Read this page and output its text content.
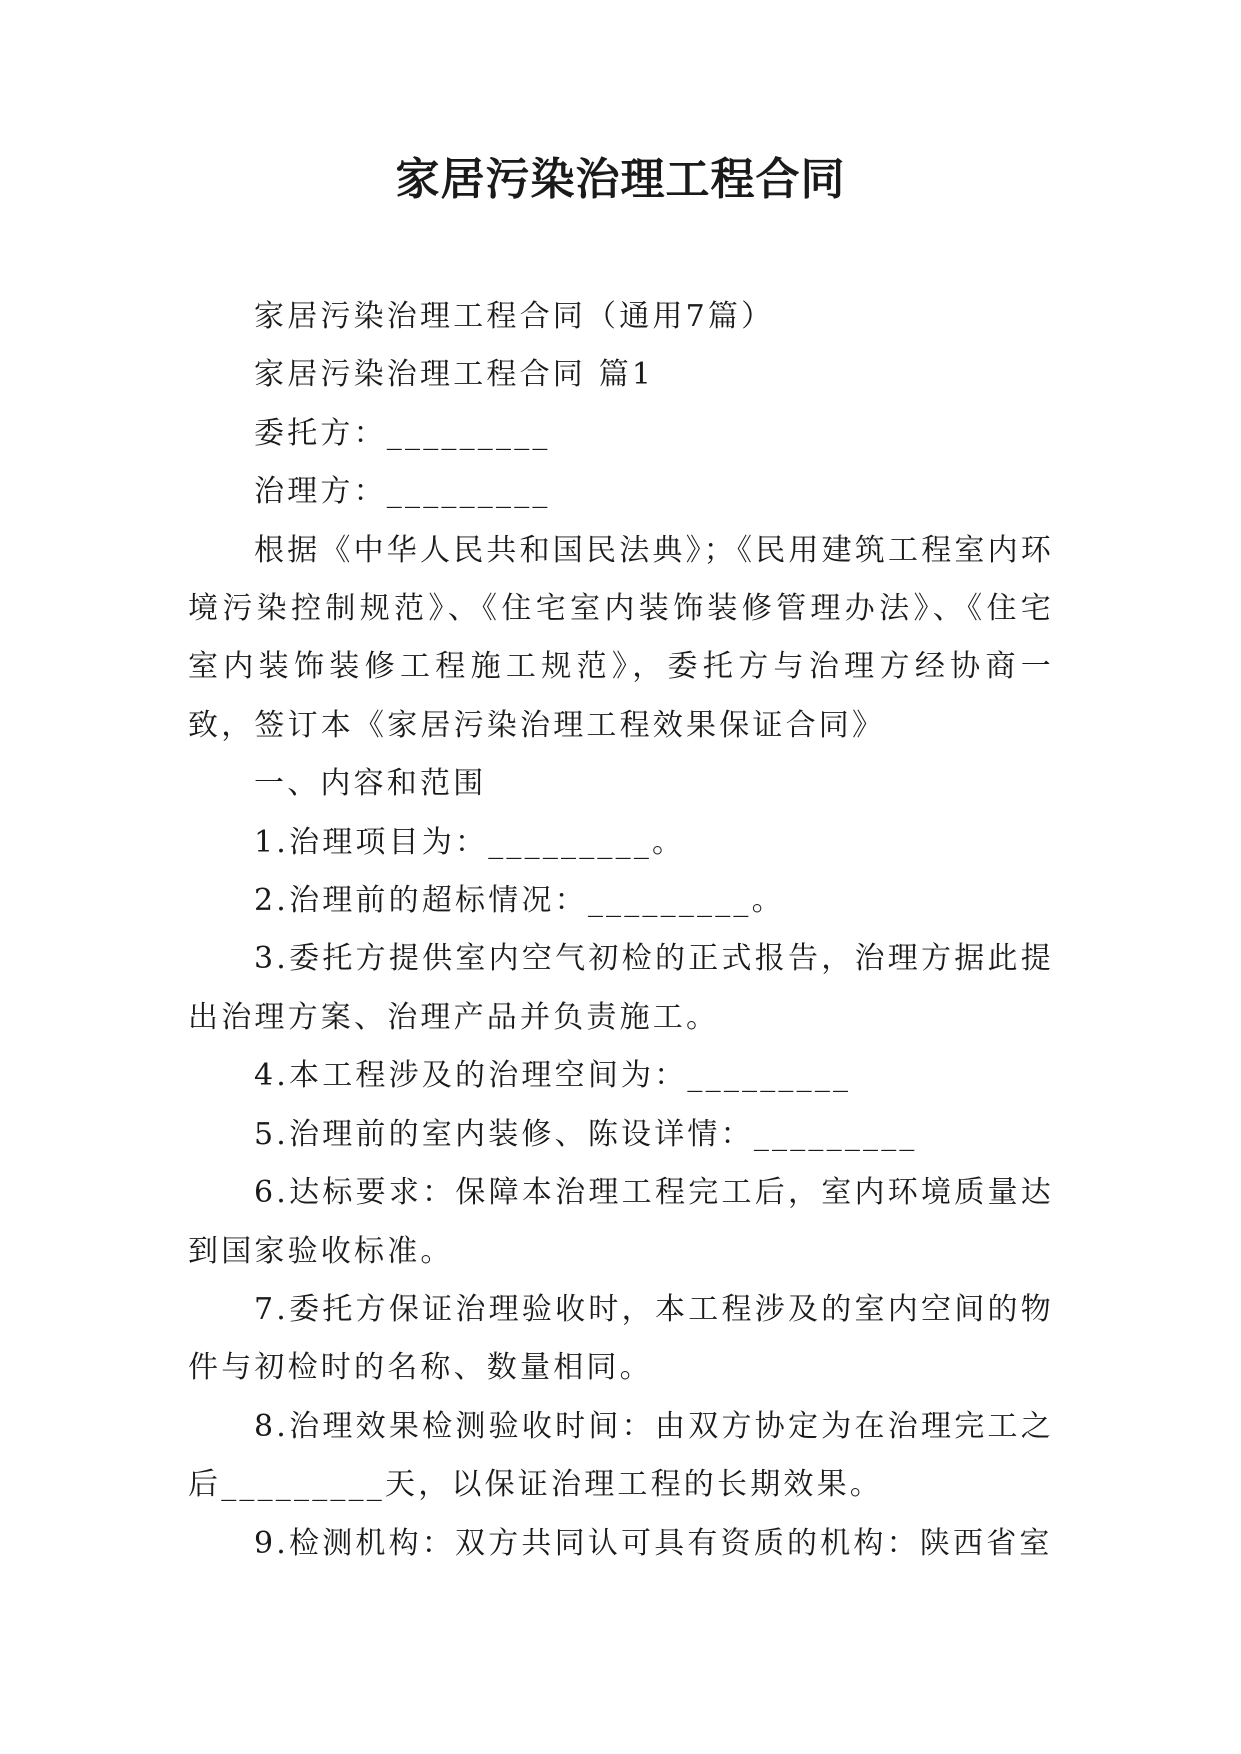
家居污染治理工程合同

家居污染治理工程合同（通用7篇）

家居污染治理工程合同 篇1

委托方：_________

治理方：_________

根据《中华人民共和国民法典》；《民用建筑工程室内环境污染控制规范》、《住宅室内装饰装修管理办法》、《住宅室内装饰装修工程施工规范》，委托方与治理方经协商一致，签订本《家居污染治理工程效果保证合同》

一、内容和范围

1.治理项目为：_________。

2.治理前的超标情况：_________。

3.委托方提供室内空气初检的正式报告，治理方据此提出治理方案、治理产品并负责施工。

4.本工程涉及的治理空间为：_________

5.治理前的室内装修、陈设详情：_________

6.达标要求：保障本治理工程完工后，室内环境质量达到国家验收标准。

7.委托方保证治理验收时，本工程涉及的室内空间的物件与初检时的名称、数量相同。

8.治理效果检测验收时间：由双方协定为在治理完工之后_________天，以保证治理工程的长期效果。

9.检测机构：双方共同认可具有资质的机构：陕西省室
